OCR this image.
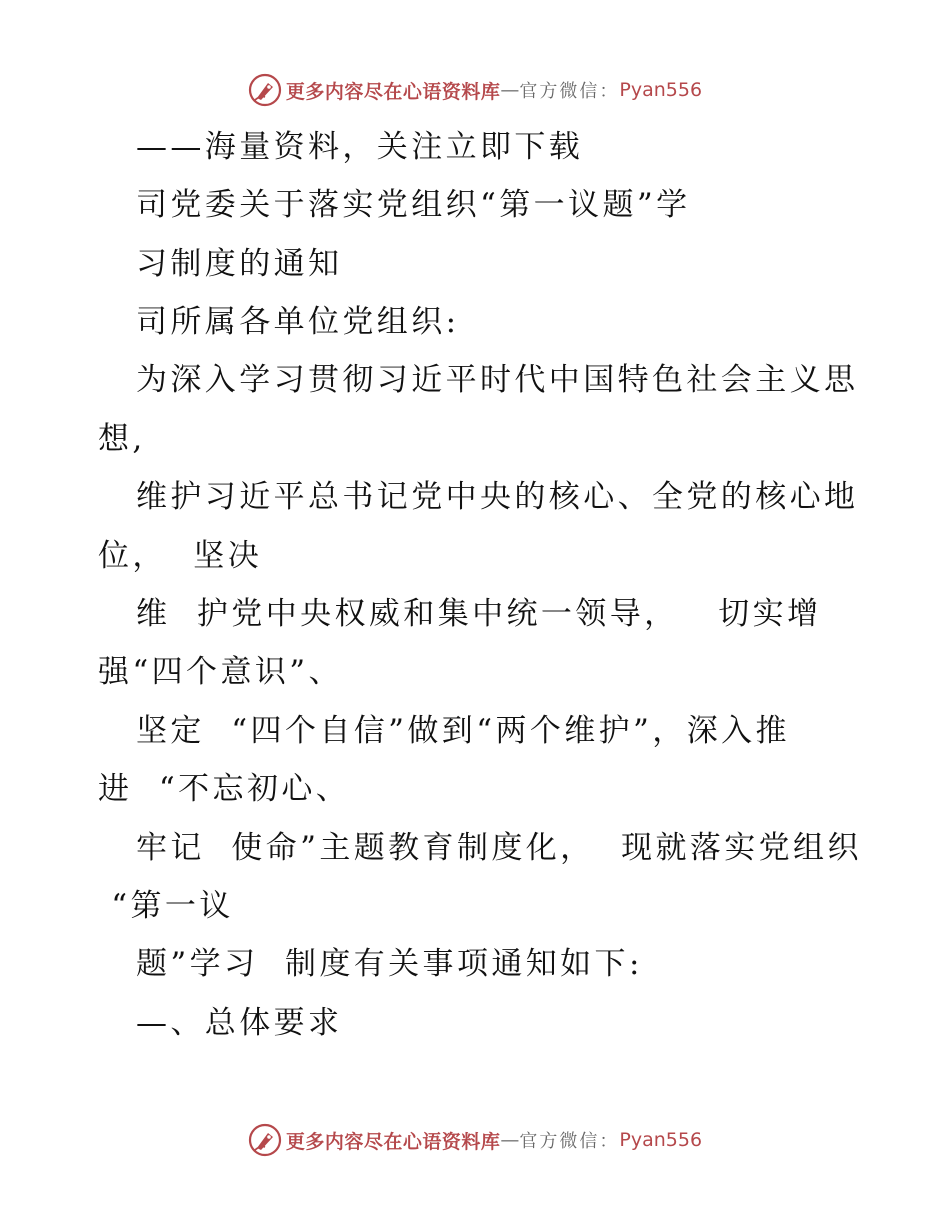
更多内容尽在心语资料库 — 官方微信： Pyan556
——海量资料，关注立即下载
司党委关于落实党组织“第一议题”学
习制度的通知
司所属各单位党组织:
为深入学习贯彻习近平时代中国特色社会主义思
想,
维护习近平总书记党中央的核心、全党的核心地
位，  坚决
维  护党中央权威和集中统一领导，   切实增
强“四个意识”、
坚定  “四个自信”做到“两个维护”，深入推
进  “不忘初心、
牢记  使命”主题教育制度化，  现就落实党组织
“第一议
题”学习  制度有关事项通知如下:
—、总体要求
更多内容尽在心语资料库 — 官方微信： Pyan556
